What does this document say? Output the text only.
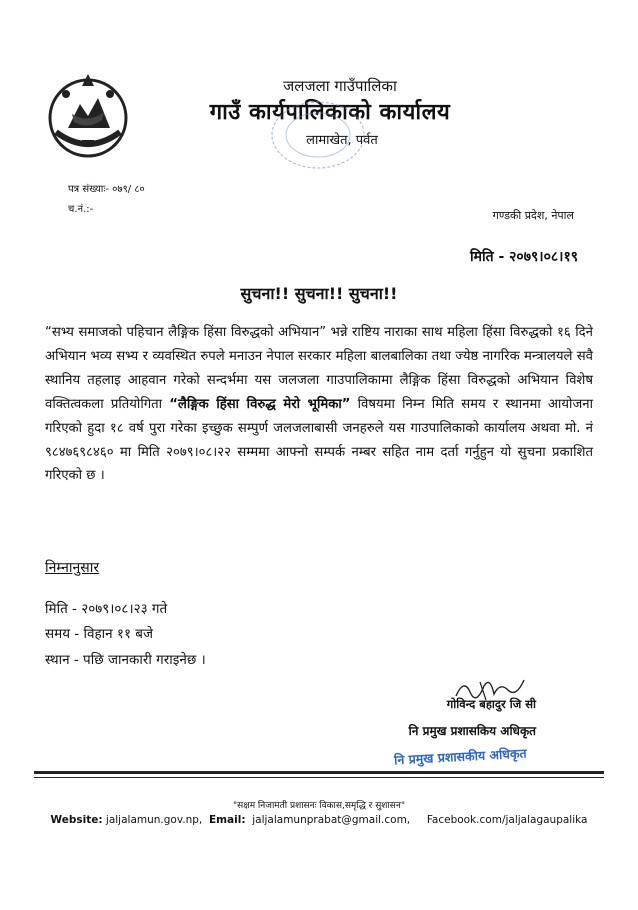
जलजला गाउँपालिका
गाउँ कार्यपालिकाको कार्यालय
लामाखेत, पर्वत
पत्र संख्याः- ०७९/ ८०
च.नं.:-	गण्डकी प्रदेश, नेपाल
मिति - २०७९।०८।१९
सुचना!! सुचना!! सुचना!!
“सभ्य समाजको पहिचान लैङ्गिक हिंसा विरुद्धको अभियान” भन्ने राष्टिय नाराका साथ महिला हिंसा विरुद्धको १६ दिने अभियान भव्य सभ्य र व्यवस्थित रुपले मनाउन नेपाल सरकार महिला बालबालिका तथा ज्येष्ठ नागरिक मन्त्रालयले सवै स्थानिय तहलाइ आहवान गरेको सन्दर्भमा यस जलजला गाउपालिकामा लैङ्गिक हिंसा विरुद्धको अभियान विशेष वक्तित्वकला प्रतियोगिता “लैङ्गिक हिंसा विरुद्ध मेरो भूमिका” विषयमा निम्न मिति समय र स्थानमा आयोजना गरिएको हुदा १८ वर्ष पुरा गरेका इच्छुक सम्पुर्ण जलजलाबासी जनहरुले यस गाउपालिकाको कार्यालय अथवा मो. नं ९८४७६९८४६० मा मिति २०७९।०८।२२ सम्ममा आफ्नो सम्पर्क नम्बर सहित नाम दर्ता गर्नुहुन यो सुचना प्रकाशित गरिएको छ ।
निम्नानुसार
मिति - २०७९।०८।२३ गते
समय - विहान ११ बजे
स्थान - पछि जानकारी गराइनेछ ।
गोविन्द बहादुर जि सी
नि प्रमुख प्रशासकिय अधिकृत
नि प्रमुख प्रशासकीय अधिकृत
"सक्षम निजामती प्रशासनः विकास,समृद्धि र सुशासन"
Website: jaljalamun.gov.np, Email: jaljalamunprabat@gmail.com, Facebook.com/jaljalagaupalika
